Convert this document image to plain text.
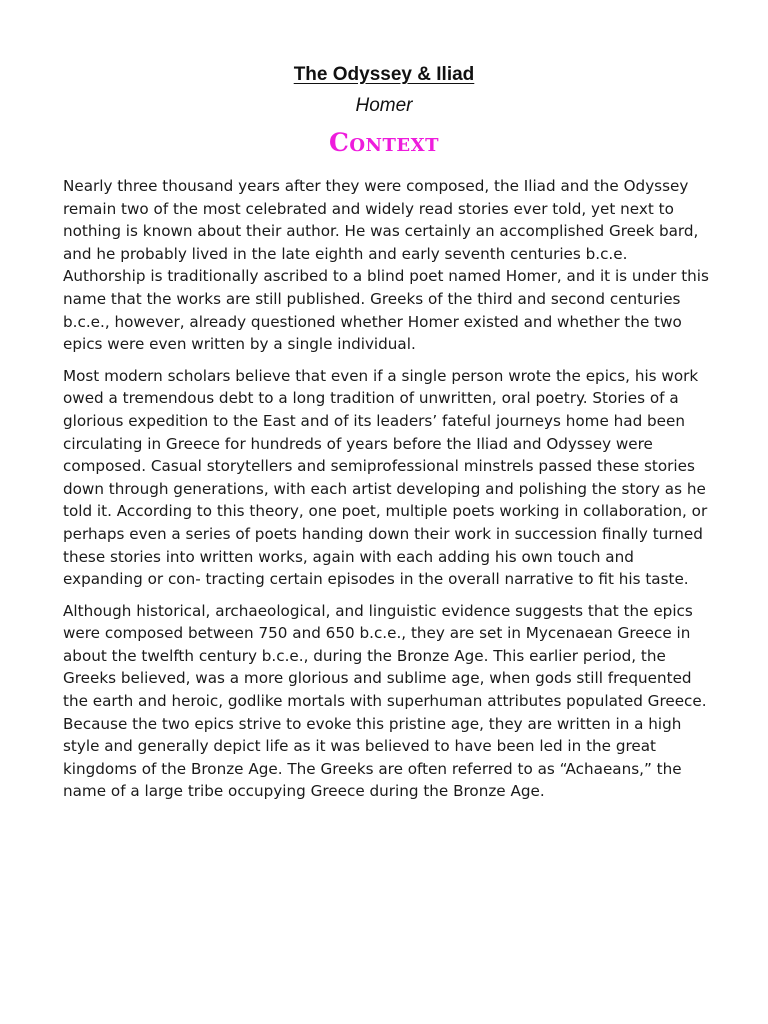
The Odyssey & Iliad
Homer
Context

Nearly three thousand years after they were composed, the Iliad and the Odyssey remain two of the most celebrated and widely read stories ever told, yet next to nothing is known about their author. He was certainly an accomplished Greek bard, and he probably lived in the late eighth and early seventh centuries b.c.e. Authorship is traditionally ascribed to a blind poet named Homer, and it is under this name that the works are still published. Greeks of the third and second centuries b.c.e., however, already questioned whether Homer existed and whether the two epics were even written by a single individual.

Most modern scholars believe that even if a single person wrote the epics, his work owed a tremendous debt to a long tradition of unwritten, oral poetry. Stories of a glorious expedition to the East and of its leaders’ fateful journeys home had been circulating in Greece for hundreds of years before the Iliad and Odyssey were composed. Casual storytellers and semiprofessional minstrels passed these stories down through generations, with each artist developing and polishing the story as he told it. According to this theory, one poet, multiple poets working in collaboration, or perhaps even a series of poets handing down their work in succession finally turned these stories into written works, again with each adding his own touch and expanding or con- tracting certain episodes in the overall narrative to fit his taste.

Although historical, archaeological, and linguistic evidence suggests that the epics were composed between 750 and 650 b.c.e., they are set in Mycenaean Greece in about the twelfth century b.c.e., during the Bronze Age. This earlier period, the Greeks believed, was a more glorious and sublime age, when gods still frequented the earth and heroic, godlike mortals with superhuman attributes populated Greece. Because the two epics strive to evoke this pristine age, they are written in a high style and generally depict life as it was believed to have been led in the great kingdoms of the Bronze Age. The Greeks are often referred to as “Achaeans,” the name of a large tribe occupying Greece during the Bronze Age.
